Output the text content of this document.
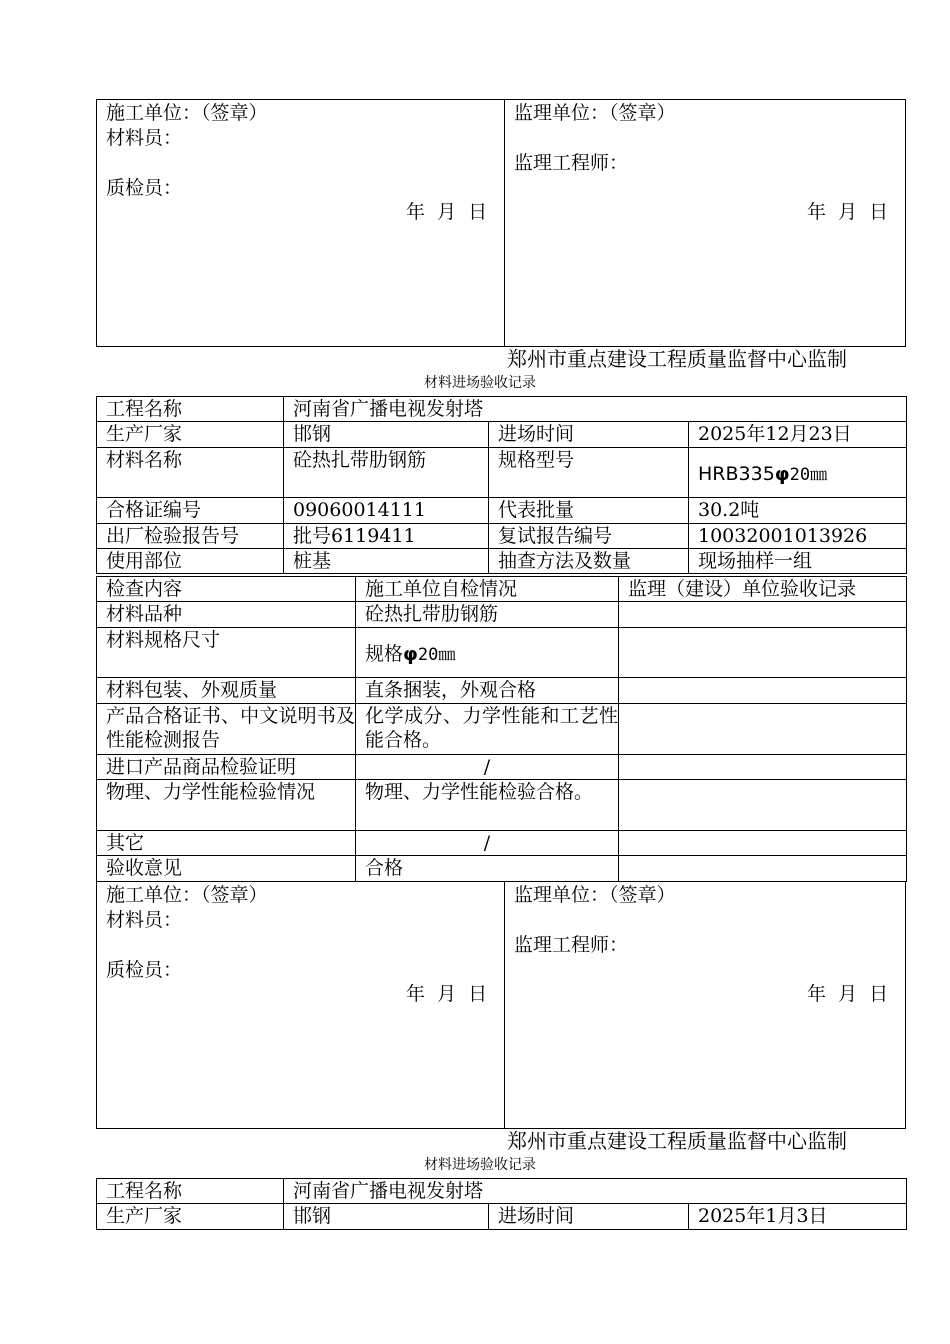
施工单位：（签章）
材料员：
质检员：
年  月  日
监理单位：（签章）
监理工程师：
年  月  日
郑州市重点建设工程质量监督中心监制
材料进场验收记录
工程名称	河南省广播电视发射塔		
生产厂家	邯钢	进场时间	2025年12月23日
材料名称	砼热扎带肋钢筋	规格型号	HRB335φ20㎜
合格证编号	09060014111	代表批量	30.2吨
出厂检验报告号	批号6119411	复试报告编号	10032001013926
使用部位	桩基	抽查方法及数量	现场抽样一组
检查内容	施工单位自检情况	监理（建设）单位验收记录
材料品种	砼热扎带肋钢筋	
材料规格尺寸	规格φ20㎜	
材料包装、外观质量	直条捆装，外观合格	
产品合格证书、中文说明书及性能检测报告	化学成分、力学性能和工艺性能合格。	
进口产品商品检验证明	/	
物理、力学性能检验情况	物理、力学性能检验合格。	
其它	/	
验收意见	合格	
施工单位：（签章）
材料员：
质检员：
年  月  日
监理单位：（签章）
监理工程师：
年  月  日
郑州市重点建设工程质量监督中心监制
材料进场验收记录
工程名称	河南省广播电视发射塔		
生产厂家	邯钢	进场时间	2025年1月3日
